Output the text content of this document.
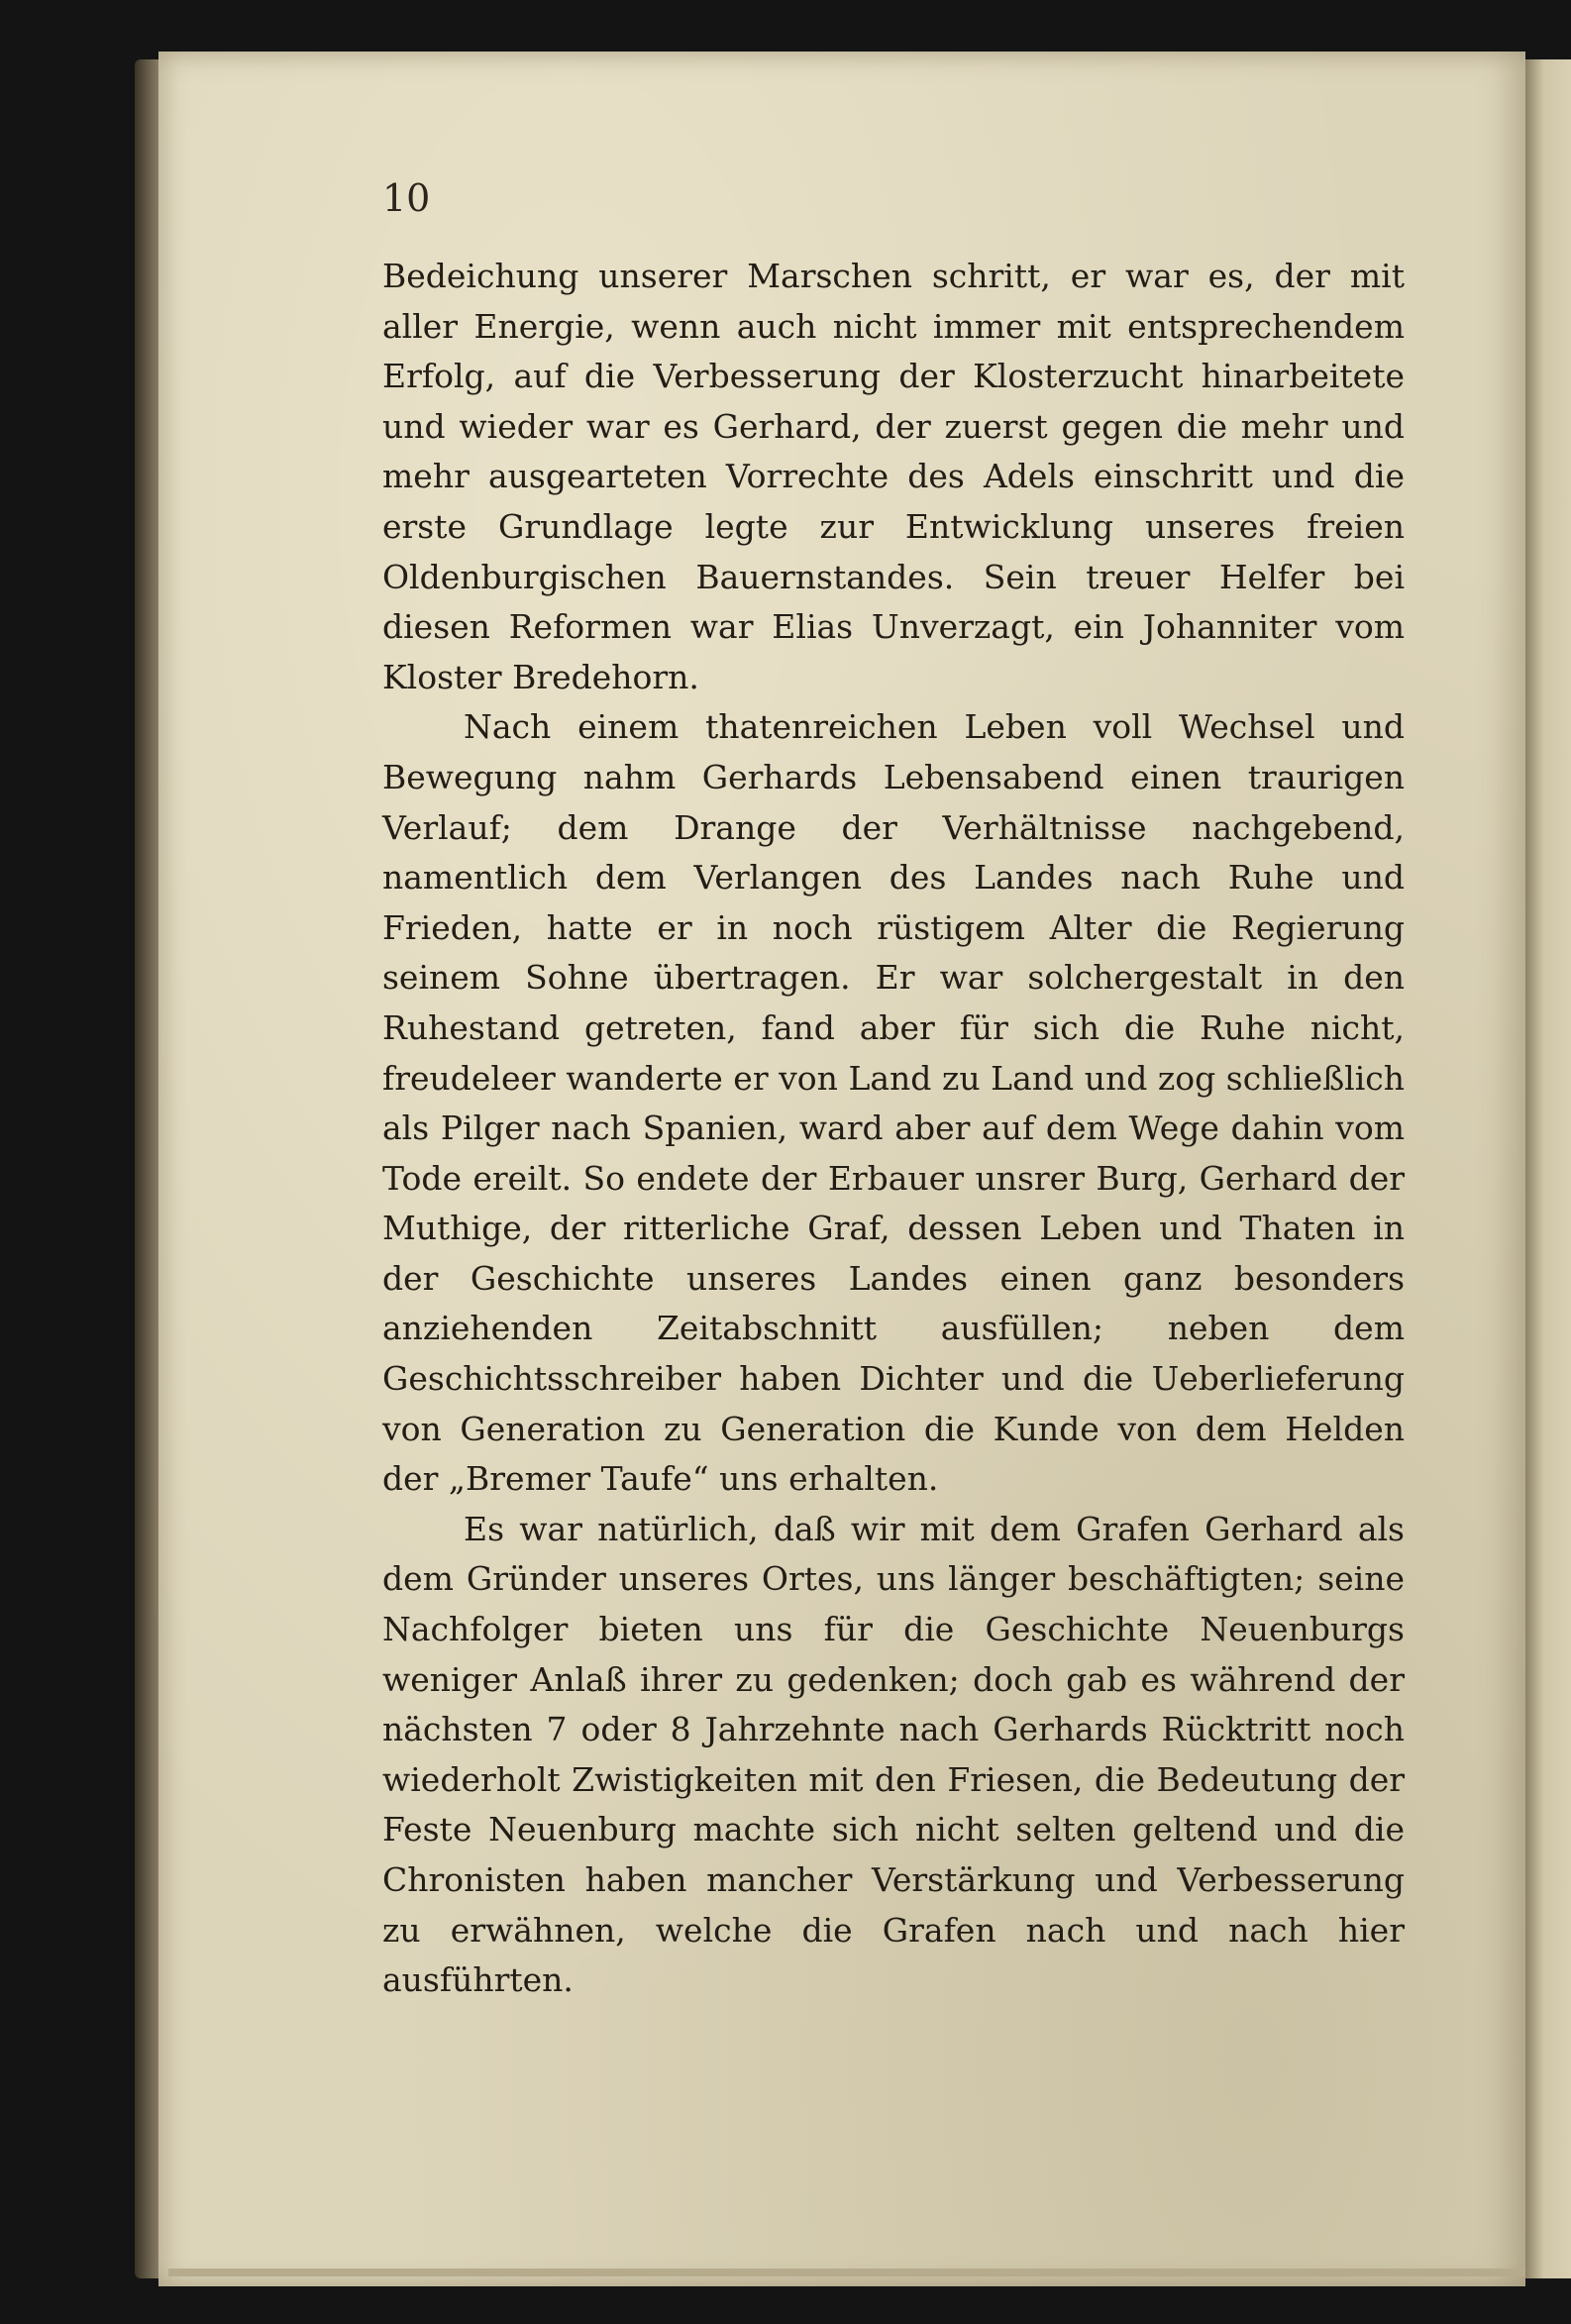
10

Bedeichung unserer Marschen schritt, er war es, der mit aller Energie, wenn auch nicht immer mit entsprechendem Erfolg, auf die Verbesserung der Klosterzucht hinarbeitete und wieder war es Gerhard, der zuerst gegen die mehr und mehr ausgearteten Vorrechte des Adels einschritt und die erste Grundlage legte zur Entwicklung unseres freien Oldenburgischen Bauernstandes. Sein treuer Helfer bei diesen Reformen war Elias Unverzagt, ein Johanniter vom Kloster Bredehorn.

Nach einem thatenreichen Leben voll Wechsel und Bewegung nahm Gerhards Lebensabend einen traurigen Verlauf; dem Drange der Verhältnisse nachgebend, namentlich dem Verlangen des Landes nach Ruhe und Frieden, hatte er in noch rüstigem Alter die Regierung seinem Sohne übertragen. Er war solchergestalt in den Ruhestand getreten, fand aber für sich die Ruhe nicht, freudeleer wanderte er von Land zu Land und zog schließlich als Pilger nach Spanien, ward aber auf dem Wege dahin vom Tode ereilt. So endete der Erbauer unsrer Burg, Gerhard der Muthige, der ritterliche Graf, dessen Leben und Thaten in der Geschichte unseres Landes einen ganz besonders anziehenden Zeitabschnitt ausfüllen; neben dem Geschichtsschreiber haben Dichter und die Ueberlieferung von Generation zu Generation die Kunde von dem Helden der „Bremer Taufe“ uns erhalten.

Es war natürlich, daß wir mit dem Grafen Gerhard als dem Gründer unseres Ortes, uns länger beschäftigten; seine Nachfolger bieten uns für die Geschichte Neuenburgs weniger Anlaß ihrer zu gedenken; doch gab es während der nächsten 7 oder 8 Jahrzehnte nach Gerhards Rücktritt noch wiederholt Zwistigkeiten mit den Friesen, die Bedeutung der Feste Neuenburg machte sich nicht selten geltend und die Chronisten haben mancher Verstärkung und Verbesserung zu erwähnen, welche die Grafen nach und nach hier ausführten.
